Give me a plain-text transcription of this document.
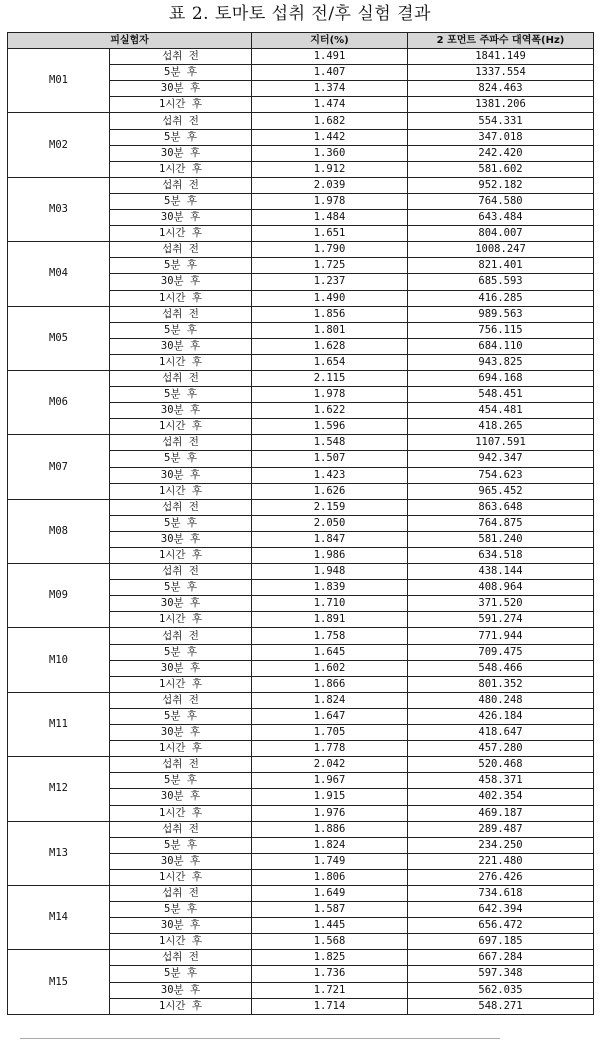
표 2. 토마토 섭취 전/후 실험 결과
피실험자		지터(%)	2 포먼트 주파수 대역폭(Hz)
M01	섭취 전	1.491	1841.149
	5분 후	1.407	1337.554
	30분 후	1.374	824.463
	1시간 후	1.474	1381.206
M02	섭취 전	1.682	554.331
	5분 후	1.442	347.018
	30분 후	1.360	242.420
	1시간 후	1.912	581.602
M03	섭취 전	2.039	952.182
	5분 후	1.978	764.580
	30분 후	1.484	643.484
	1시간 후	1.651	804.007
M04	섭취 전	1.790	1008.247
	5분 후	1.725	821.401
	30분 후	1.237	685.593
	1시간 후	1.490	416.285
M05	섭취 전	1.856	989.563
	5분 후	1.801	756.115
	30분 후	1.628	684.110
	1시간 후	1.654	943.825
M06	섭취 전	2.115	694.168
	5분 후	1.978	548.451
	30분 후	1.622	454.481
	1시간 후	1.596	418.265
M07	섭취 전	1.548	1107.591
	5분 후	1.507	942.347
	30분 후	1.423	754.623
	1시간 후	1.626	965.452
M08	섭취 전	2.159	863.648
	5분 후	2.050	764.875
	30분 후	1.847	581.240
	1시간 후	1.986	634.518
M09	섭취 전	1.948	438.144
	5분 후	1.839	408.964
	30분 후	1.710	371.520
	1시간 후	1.891	591.274
M10	섭취 전	1.758	771.944
	5분 후	1.645	709.475
	30분 후	1.602	548.466
	1시간 후	1.866	801.352
M11	섭취 전	1.824	480.248
	5분 후	1.647	426.184
	30분 후	1.705	418.647
	1시간 후	1.778	457.280
M12	섭취 전	2.042	520.468
	5분 후	1.967	458.371
	30분 후	1.915	402.354
	1시간 후	1.976	469.187
M13	섭취 전	1.886	289.487
	5분 후	1.824	234.250
	30분 후	1.749	221.480
	1시간 후	1.806	276.426
M14	섭취 전	1.649	734.618
	5분 후	1.587	642.394
	30분 후	1.445	656.472
	1시간 후	1.568	697.185
M15	섭취 전	1.825	667.284
	5분 후	1.736	597.348
	30분 후	1.721	562.035
	1시간 후	1.714	548.271
